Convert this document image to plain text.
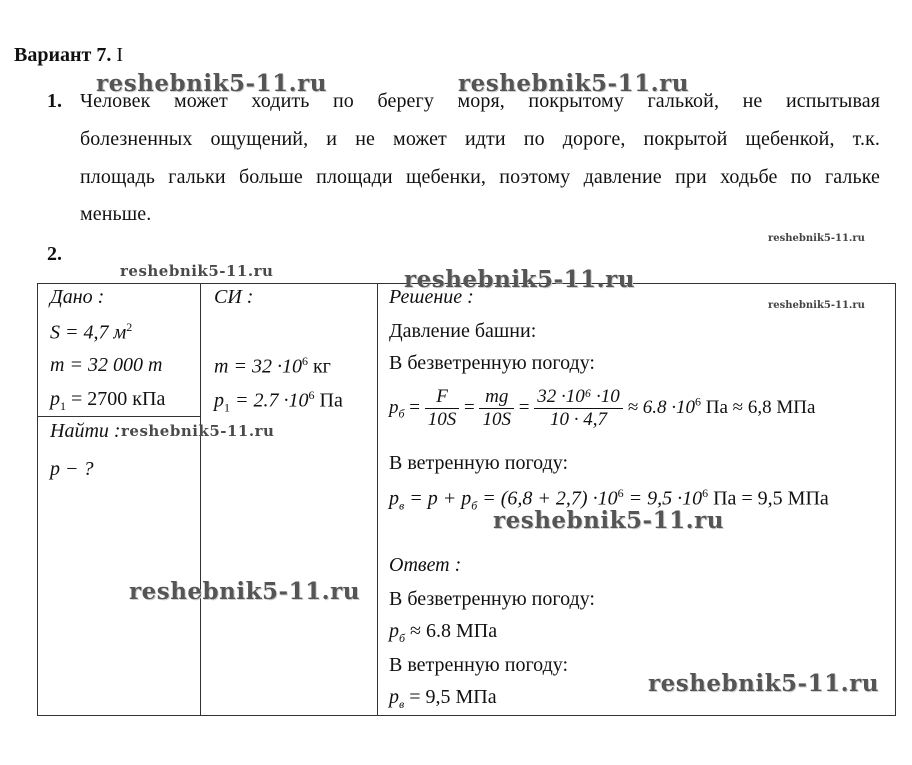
Вариант 7. I
1. Человек может ходить по берегу моря, покрытому галькой, не испытывая
болезненных ощущений, и не может идти по дороге, покрытой щебенкой, т.к.
площадь гальки больше площади щебенки, поэтому давление при ходьбе по гальке
меньше.
2.
Дано :
S = 4,7 $м^2$
m = 32 000 т
$p_1 = 2700$ кПа
Найти :
p − ?
СИ :
$m = 32 \cdot 10^6$ кг
$p_1 = 2.7 \cdot 10^6$ Па
Решение :
Давление башни:
В безветренную погоду:
$p_б = \frac{F}{10S} = \frac{mg}{10S} = \frac{\text{32 ·10⁶ ·10}}{10 \cdot 4,7} \approx 6.8 \cdot 10^6$ Па ≈ 6,8 МПа
В ветренную погоду:
$p_в = p + p_б = (6,8 + 2,7) \cdot 10^6 = 9,5 \cdot 10^6$ Па = 9,5 МПа
Ответ :
В безветренную погоду:
$p_б \approx 6.8$ МПа
В ветренную погоду:
$p_в = 9,5$ МПа
reshebnik5-11.ru	reshebnik5-11.ru
reshebnik5-11.ru
reshebnik5-11.ru	reshebnik5-11.ru
reshebnik5-11.ru
reshebnik5-11.ru
reshebnik5-11.ru
reshebnik5-11.ru
reshebnik5-11.ru
